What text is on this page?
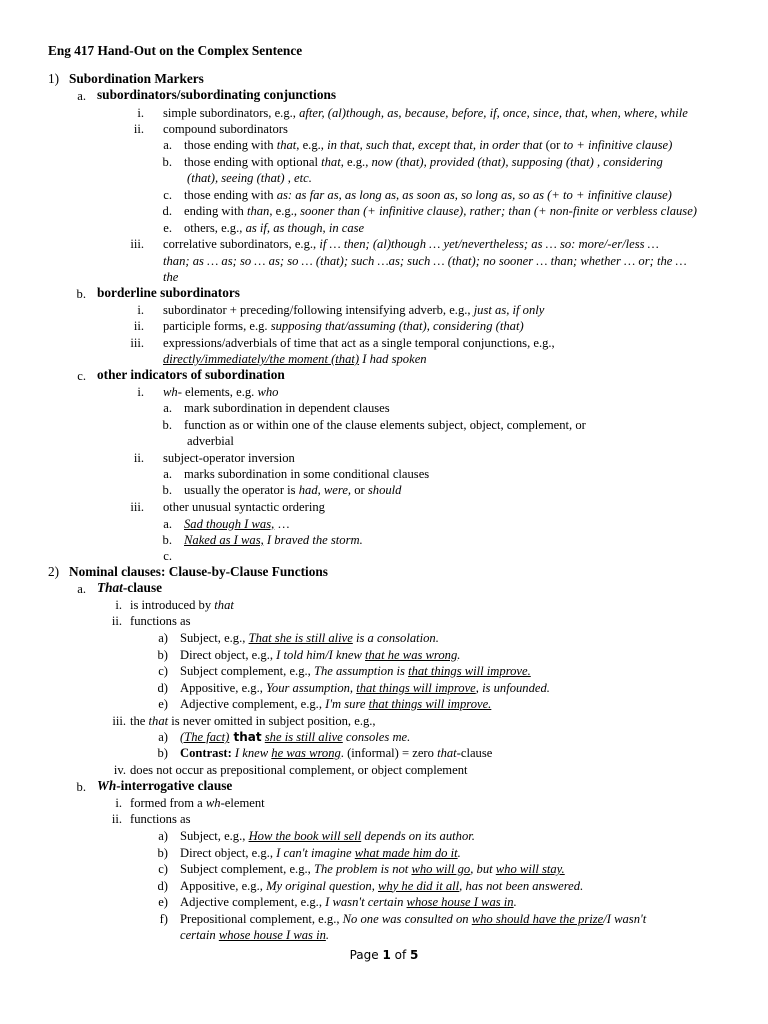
Eng 417 Hand-Out on the Complex Sentence
1) Subordination Markers
a. subordinators/subordinating conjunctions
i. simple subordinators, e.g., after, (al)though, as, because, before, if, once, since, that, when, where, while
ii. compound subordinators
a. those ending with that, e.g., in that, such that, except that, in order that (or to + infinitive clause)
b. those ending with optional that, e.g., now (that), provided (that), supposing (that) , considering
(that), seeing (that) , etc.
c. those ending with as: as far as, as long as, as soon as, so long as, so as (+ to + infinitive clause)
d. ending with than, e.g., sooner than (+ infinitive clause), rather; than (+ non-finite or verbless clause)
e. others, e.g., as if, as though, in case
iii. correlative subordinators, e.g., if … then; (al)though … yet/nevertheless; as … so: more/-er/less …
than; as … as; so … as; so … (that); such …as; such … (that); no sooner … than; whether … or; the …
the
b. borderline subordinators
i. subordinator + preceding/following intensifying adverb, e.g., just as, if only
ii. participle forms, e.g. supposing that/assuming (that), considering (that)
iii. expressions/adverbials of time that act as a single temporal conjunctions, e.g.,
directly/immediately/the moment (that) I had spoken
c. other indicators of subordination
i. wh- elements, e.g. who
a. mark subordination in dependent clauses
b. function as or within one of the clause elements subject, object, complement, or
adverbial
ii. subject-operator inversion
a. marks subordination in some conditional clauses
b. usually the operator is had, were, or should
iii. other unusual syntactic ordering
a. Sad though I was, …
b. Naked as I was, I braved the storm.
c.
2) Nominal clauses: Clause-by-Clause Functions
a. That-clause
i. is introduced by that
ii. functions as
a) Subject, e.g., That she is still alive is a consolation.
b) Direct object, e.g., I told him/I knew that he was wrong.
c) Subject complement, e.g., The assumption is that things will improve.
d) Appositive, e.g., Your assumption, that things will improve, is unfounded.
e) Adjective complement, e.g., I'm sure that things will improve.
iii. the that is never omitted in subject position, e.g.,
a) (The fact) that she is still alive consoles me.
b) Contrast: I knew he was wrong. (informal) = zero that-clause
iv. does not occur as prepositional complement, or object complement
b. Wh-interrogative clause
i. formed from a wh-element
ii. functions as
a) Subject, e.g., How the book will sell depends on its author.
b) Direct object, e.g., I can't imagine what made him do it.
c) Subject complement, e.g., The problem is not who will go, but who will stay.
d) Appositive, e.g., My original question, why he did it all, has not been answered.
e) Adjective complement, e.g., I wasn't certain whose house I was in.
f) Prepositional complement, e.g., No one was consulted on who should have the prize/I wasn't
certain whose house I was in.
Page 1 of 5
